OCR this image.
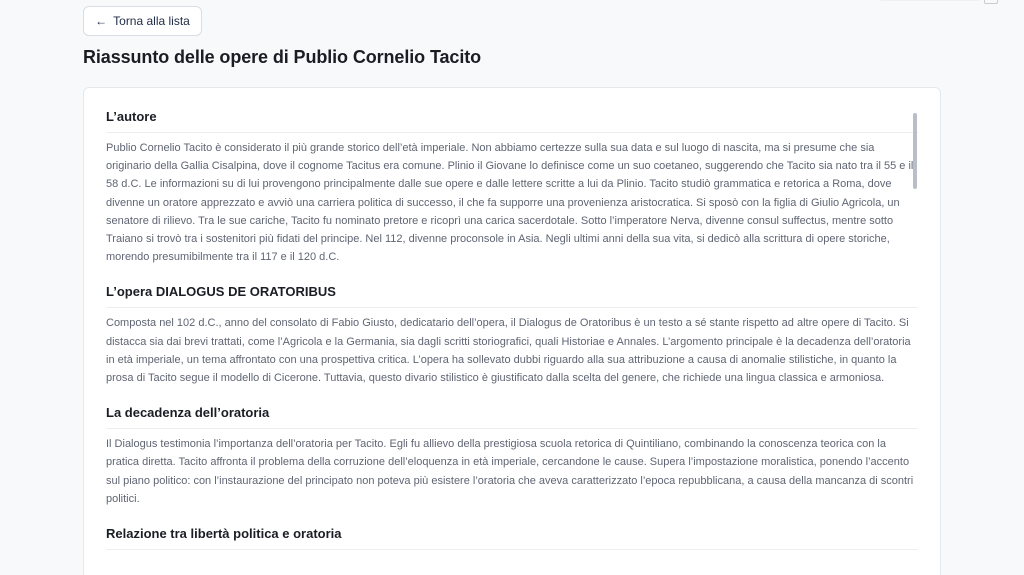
← Torna alla lista
Riassunto delle opere di Publio Cornelio Tacito
L’autore

Publio Cornelio Tacito è considerato il più grande storico dell’età imperiale. Non abbiamo certezze sulla sua data e sul luogo di nascita, ma si presume che sia originario della Gallia Cisalpina, dove il cognome Tacitus era comune. Plinio il Giovane lo definisce come un suo coetaneo, suggerendo che Tacito sia nato tra il 55 e il 58 d.C. Le informazioni su di lui provengono principalmente dalle sue opere e dalle lettere scritte a lui da Plinio. Tacito studiò grammatica e retorica a Roma, dove divenne un oratore apprezzato e avviò una carriera politica di successo, il che fa supporre una provenienza aristocratica. Si sposò con la figlia di Giulio Agricola, un senatore di rilievo. Tra le sue cariche, Tacito fu nominato pretore e ricoprì una carica sacerdotale. Sotto l’imperatore Nerva, divenne consul suffectus, mentre sotto Traiano si trovò tra i sostenitori più fidati del principe. Nel 112, divenne proconsole in Asia. Negli ultimi anni della sua vita, si dedicò alla scrittura di opere storiche, morendo presumibilmente tra il 117 e il 120 d.C.

L’opera DIALOGUS DE ORATORIBUS

Composta nel 102 d.C., anno del consolato di Fabio Giusto, dedicatario dell’opera, il Dialogus de Oratoribus è un testo a sé stante rispetto ad altre opere di Tacito. Si distacca sia dai brevi trattati, come l’Agricola e la Germania, sia dagli scritti storiografici, quali Historiae e Annales. L’argomento principale è la decadenza dell’oratoria in età imperiale, un tema affrontato con una prospettiva critica. L’opera ha sollevato dubbi riguardo alla sua attribuzione a causa di anomalie stilistiche, in quanto la prosa di Tacito segue il modello di Cicerone. Tuttavia, questo divario stilistico è giustificato dalla scelta del genere, che richiede una lingua classica e armoniosa.

La decadenza dell’oratoria

Il Dialogus testimonia l’importanza dell’oratoria per Tacito. Egli fu allievo della prestigiosa scuola retorica di Quintiliano, combinando la conoscenza teorica con la pratica diretta. Tacito affronta il problema della corruzione dell’eloquenza in età imperiale, cercandone le cause. Supera l’impostazione moralistica, ponendo l’accento sul piano politico: con l’instaurazione del principato non poteva più esistere l’oratoria che aveva caratterizzato l’epoca repubblicana, a causa della mancanza di scontri politici.

Relazione tra libertà politica e oratoria
